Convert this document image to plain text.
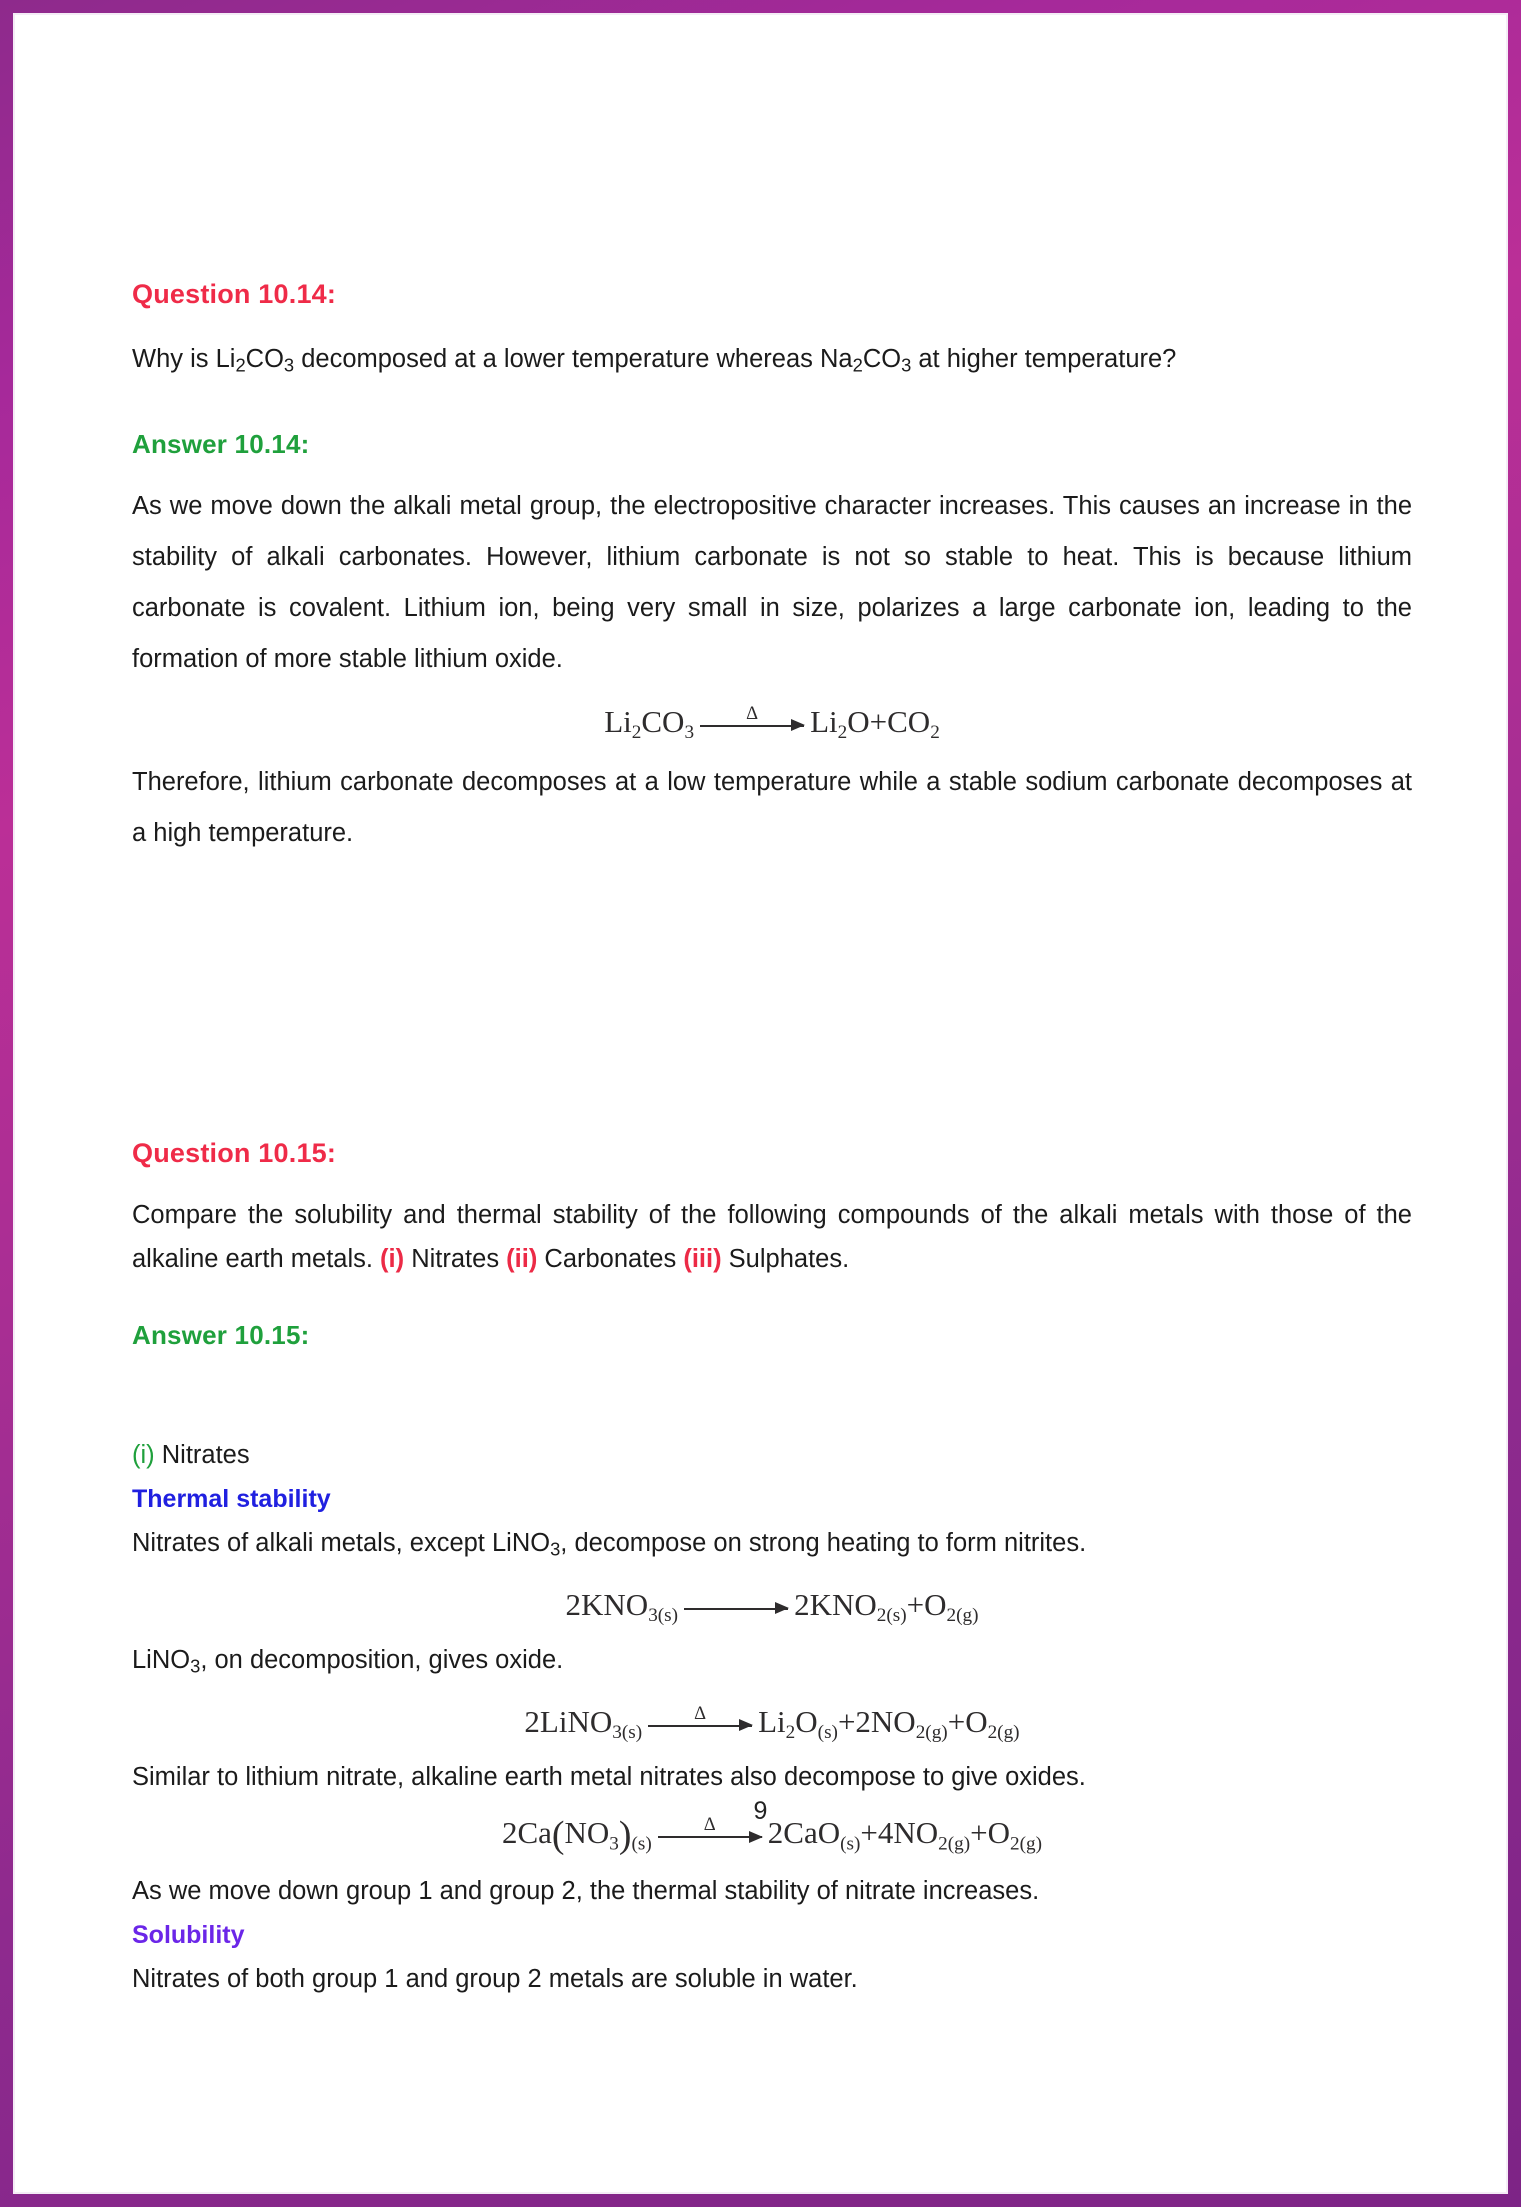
Question 10.14:

Why is $Li_2CO_3$ decomposed at a lower temperature whereas $Na_2CO_3$ at higher temperature?

Answer 10.14:

As we move down the alkali metal group, the electropositive character increases. This causes an increase in the stability of alkali carbonates. However, lithium carbonate is not so stable to heat. This is because lithium carbonate is covalent. Lithium ion, being very small in size, polarizes a large carbonate ion, leading to the formation of more stable lithium oxide.

Li2CO3
Δ Li2O+CO2

Therefore, lithium carbonate decomposes at a low temperature while a stable sodium carbonate decomposes at a high temperature.

Question 10.15:

Compare the solubility and thermal stability of the following compounds of the alkali metals with those of the alkaline earth metals. (i) Nitrates (ii) Carbonates (iii) Sulphates.

Answer 10.15:

(i) Nitrates

Thermal stability

Nitrates of alkali metals, except LiNO$_3$, decompose on strong heating to form nitrites.

2KNO3(s)	2KNO2(s)+O2(g)

LiNO$_3$, on decomposition, gives oxide.

2LiNO3(s)
Δ Li2O(s)+2NO2(g)+O2(g)

Similar to lithium nitrate, alkaline earth metal nitrates also decompose to give oxides.

2Ca(NO3)(s)
Δ 2CaO(s)+4NO2(g)+O2(g)

As we move down group 1 and group 2, the thermal stability of nitrate increases.

Solubility

Nitrates of both group 1 and group 2 metals are soluble in water.

9
